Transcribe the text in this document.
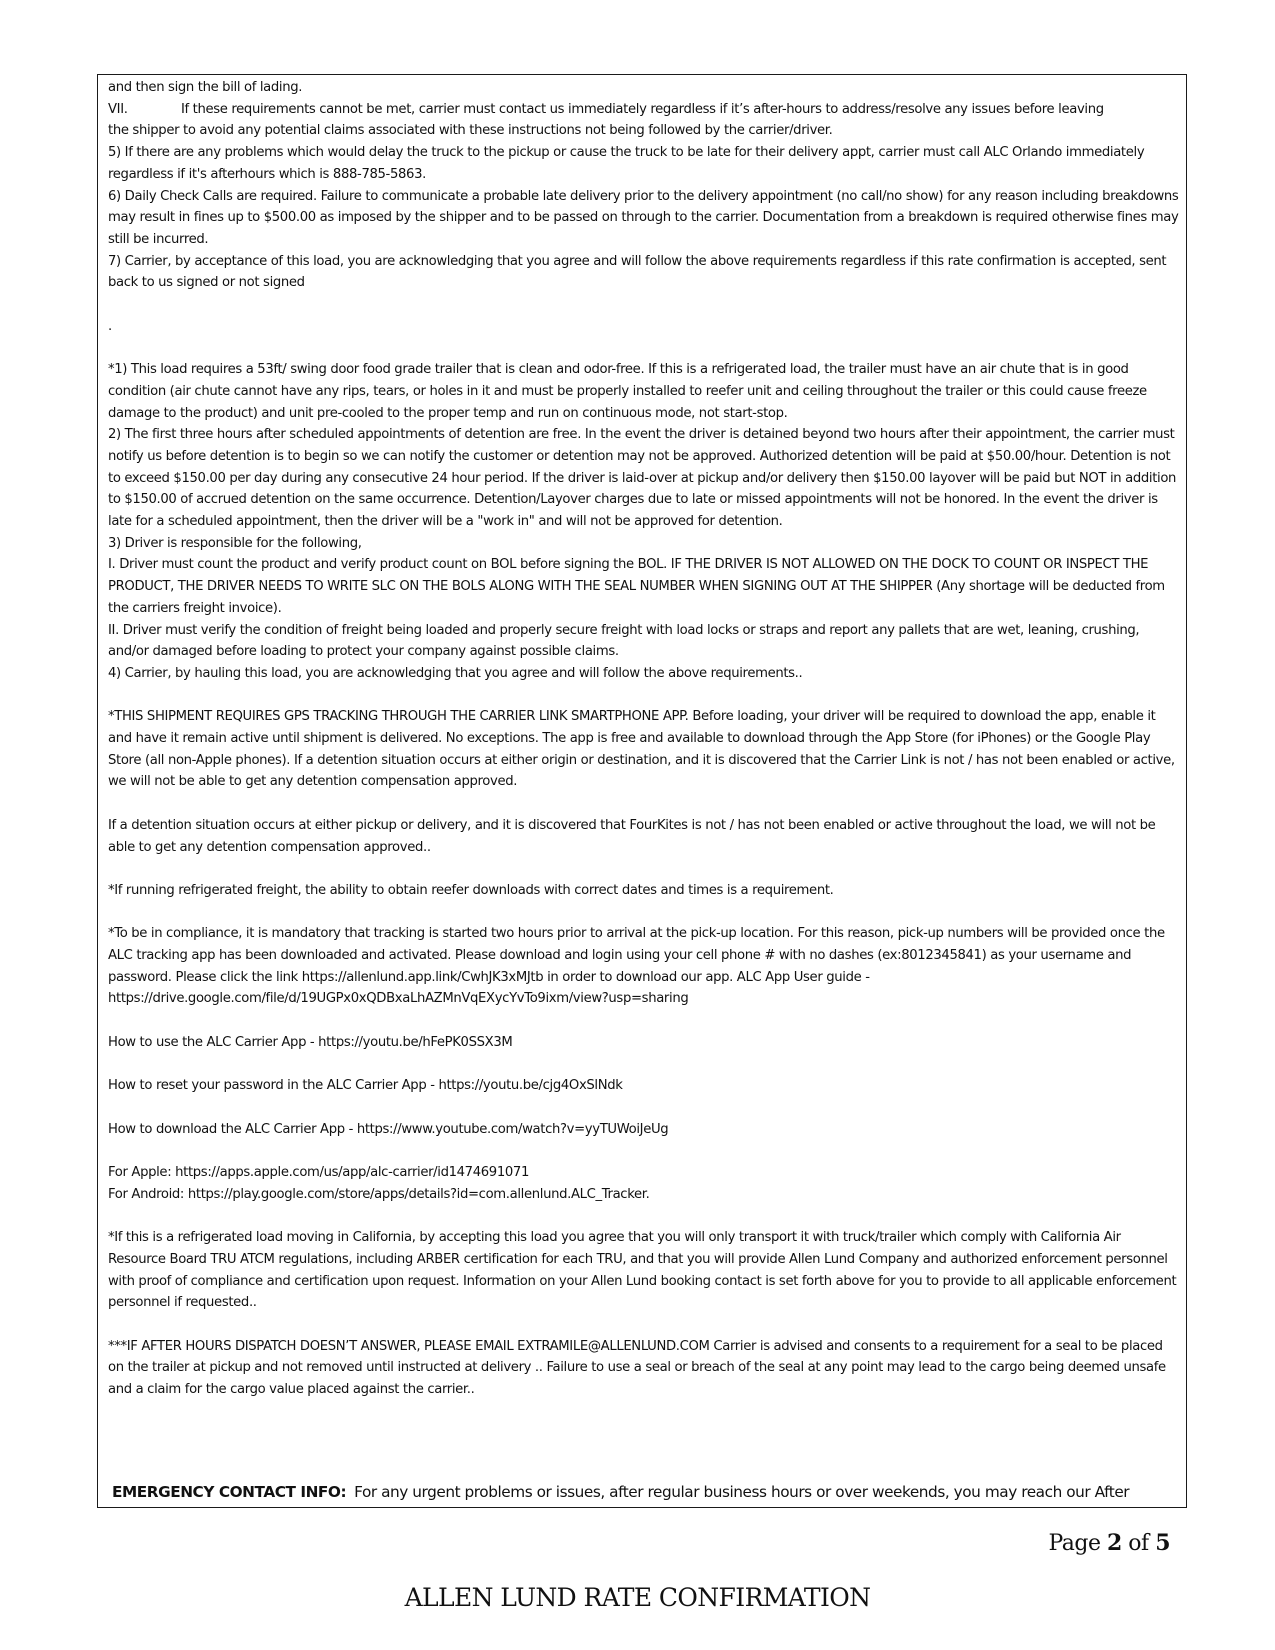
and then sign the bill of lading.

VII.	If these requirements cannot be met, carrier must contact us immediately regardless if it’s after-hours to address/resolve any issues before leaving

the shipper to avoid any potential claims associated with these instructions not being followed by the carrier/driver.

5) If there are any problems which would delay the truck to the pickup or cause the truck to be late for their delivery appt, carrier must call ALC Orlando immediately regardless if it's afterhours which is 888-785-5863.

6) Daily Check Calls are required. Failure to communicate a probable late delivery prior to the delivery appointment (no call/no show) for any reason including breakdowns may result in fines up to $500.00 as imposed by the shipper and to be passed on through to the carrier. Documentation from a breakdown is required otherwise fines may still be incurred.

7) Carrier, by acceptance of this load, you are acknowledging that you agree and will follow the above requirements regardless if this rate confirmation is accepted, sent back to us signed or not signed

.

*1) This load requires a 53ft/ swing door food grade trailer that is clean and odor-free. If this is a refrigerated load, the trailer must have an air chute that is in good condition (air chute cannot have any rips, tears, or holes in it and must be properly installed to reefer unit and ceiling throughout the trailer or this could cause freeze damage to the product) and unit pre-cooled to the proper temp and run on continuous mode, not start-stop.

2) The first three hours after scheduled appointments of detention are free. In the event the driver is detained beyond two hours after their appointment, the carrier must notify us before detention is to begin so we can notify the customer or detention may not be approved. Authorized detention will be paid at $50.00/hour. Detention is not to exceed $150.00 per day during any consecutive 24 hour period. If the driver is laid-over at pickup and/or delivery then $150.00 layover will be paid but NOT in addition to $150.00 of accrued detention on the same occurrence. Detention/Layover charges due to late or missed appointments will not be honored. In the event the driver is late for a scheduled appointment, then the driver will be a "work in" and will not be approved for detention.

3) Driver is responsible for the following,

I. Driver must count the product and verify product count on BOL before signing the BOL. IF THE DRIVER IS NOT ALLOWED ON THE DOCK TO COUNT OR INSPECT THE PRODUCT, THE DRIVER NEEDS TO WRITE SLC ON THE BOLS ALONG WITH THE SEAL NUMBER WHEN SIGNING OUT AT THE SHIPPER (Any shortage will be deducted from the carriers freight invoice).

II. Driver must verify the condition of freight being loaded and properly secure freight with load locks or straps and report any pallets that are wet, leaning, crushing, and/or damaged before loading to protect your company against possible claims.

4) Carrier, by hauling this load, you are acknowledging that you agree and will follow the above requirements..

*THIS SHIPMENT REQUIRES GPS TRACKING THROUGH THE CARRIER LINK SMARTPHONE APP. Before loading, your driver will be required to download the app, enable it and have it remain active until shipment is delivered. No exceptions. The app is free and available to download through the App Store (for iPhones) or the Google Play Store (all non-Apple phones). If a detention situation occurs at either origin or destination, and it is discovered that the Carrier Link is not / has not been enabled or active, we will not be able to get any detention compensation approved.

If a detention situation occurs at either pickup or delivery, and it is discovered that FourKites is not / has not been enabled or active throughout the load, we will not be able to get any detention compensation approved..

*If running refrigerated freight, the ability to obtain reefer downloads with correct dates and times is a requirement.

*To be in compliance, it is mandatory that tracking is started two hours prior to arrival at the pick-up location. For this reason, pick-up numbers will be provided once the ALC tracking app has been downloaded and activated. Please download and login using your cell phone # with no dashes (ex:8012345841) as your username and password. Please click the link https://allenlund.app.link/CwhJK3xMJtb in order to download our app. ALC App User guide - https://drive.google.com/file/d/19UGPx0xQDBxaLhAZMnVqEXycYvTo9ixm/view?usp=sharing

How to use the ALC Carrier App - https://youtu.be/hFePK0SSX3M

How to reset your password in the ALC Carrier App - https://youtu.be/cjg4OxSlNdk

How to download the ALC Carrier App - https://www.youtube.com/watch?v=yyTUWoiJeUg

For Apple: https://apps.apple.com/us/app/alc-carrier/id1474691071

For Android: https://play.google.com/store/apps/details?id=com.allenlund.ALC_Tracker.

*If this is a refrigerated load moving in California, by accepting this load you agree that you will only transport it with truck/trailer which comply with California Air Resource Board TRU ATCM regulations, including ARBER certification for each TRU, and that you will provide Allen Lund Company and authorized enforcement personnel with proof of compliance and certification upon request. Information on your Allen Lund booking contact is set forth above for you to provide to all applicable enforcement personnel if requested..

***IF AFTER HOURS DISPATCH DOESN’T ANSWER, PLEASE EMAIL EXTRAMILE@ALLENLUND.COM Carrier is advised and consents to a requirement for a seal to be placed on the trailer at pickup and not removed until instructed at delivery .. Failure to use a seal or breach of the seal at any point may lead to the cargo being deemed unsafe and a claim for the cargo value placed against the carrier..

EMERGENCY CONTACT INFO: For any urgent problems or issues, after regular business hours or over weekends, you may reach our After
Page 2 of 5
ALLEN LUND RATE CONFIRMATION
